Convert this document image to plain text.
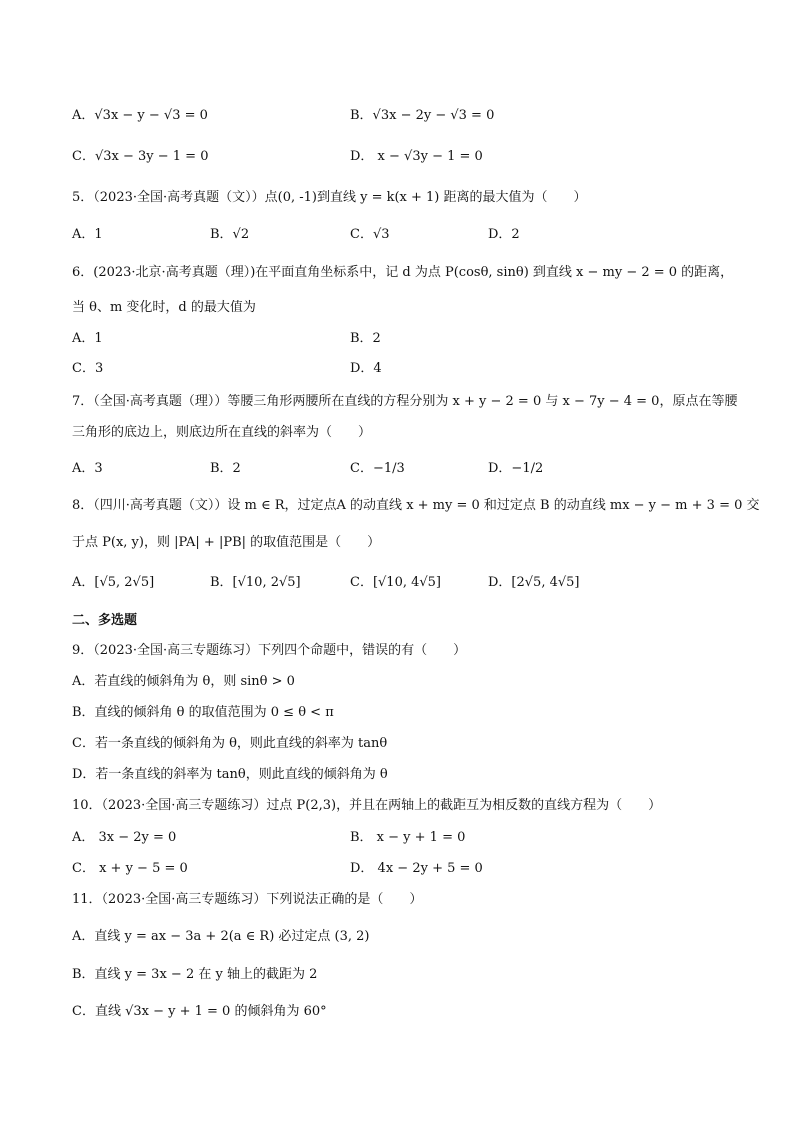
A．√3x − y − √3 = 0	B．√3x − 2y − √3 = 0
C．√3x − 3y − 1 = 0	D． x − √3y − 1 = 0
5．（2023·全国·高考真题（文））点(0, -1)到直线 y = k(x + 1) 距离的最大值为（　　）
A．1	B．√2	C．√3	D．2
6．(2023·北京·高考真题（理）)在平面直角坐标系中，记 d 为点 P(cosθ, sinθ) 到直线 x − my − 2 = 0 的距离，
当 θ、m 变化时，d 的最大值为
A．1	B．2
C．3	D．4
7．（全国·高考真题（理））等腰三角形两腰所在直线的方程分别为 x + y − 2 = 0 与 x − 7y − 4 = 0，原点在等腰
三角形的底边上，则底边所在直线的斜率为（　　）
A．3	B．2	C．−1/3	D．−1/2
8．（四川·高考真题（文））设 m ∈ R，过定点A 的动直线 x + my = 0 和过定点 B 的动直线 mx − y − m + 3 = 0 交
于点 P(x, y)，则 |PA| + |PB| 的取值范围是（　　）
A．[√5, 2√5]	B．[√10, 2√5]	C．[√10, 4√5]	D．[2√5, 4√5]
二、多选题
9．（2023·全国·高三专题练习）下列四个命题中，错误的有（　　）
A．若直线的倾斜角为 θ，则 sinθ > 0
B．直线的倾斜角 θ 的取值范围为 0 ≤ θ < π
C．若一条直线的倾斜角为 θ，则此直线的斜率为 tanθ
D．若一条直线的斜率为 tanθ，则此直线的倾斜角为 θ
10．（2023·全国·高三专题练习）过点 P(2,3)，并且在两轴上的截距互为相反数的直线方程为（　　）
A． 3x − 2y = 0	B． x − y + 1 = 0
C． x + y − 5 = 0	D． 4x − 2y + 5 = 0
11．（2023·全国·高三专题练习）下列说法正确的是（　　）
A．直线 y = ax − 3a + 2(a ∈ R) 必过定点 (3, 2)
B．直线 y = 3x − 2 在 y 轴上的截距为 2
C．直线 √3x − y + 1 = 0 的倾斜角为 60°
